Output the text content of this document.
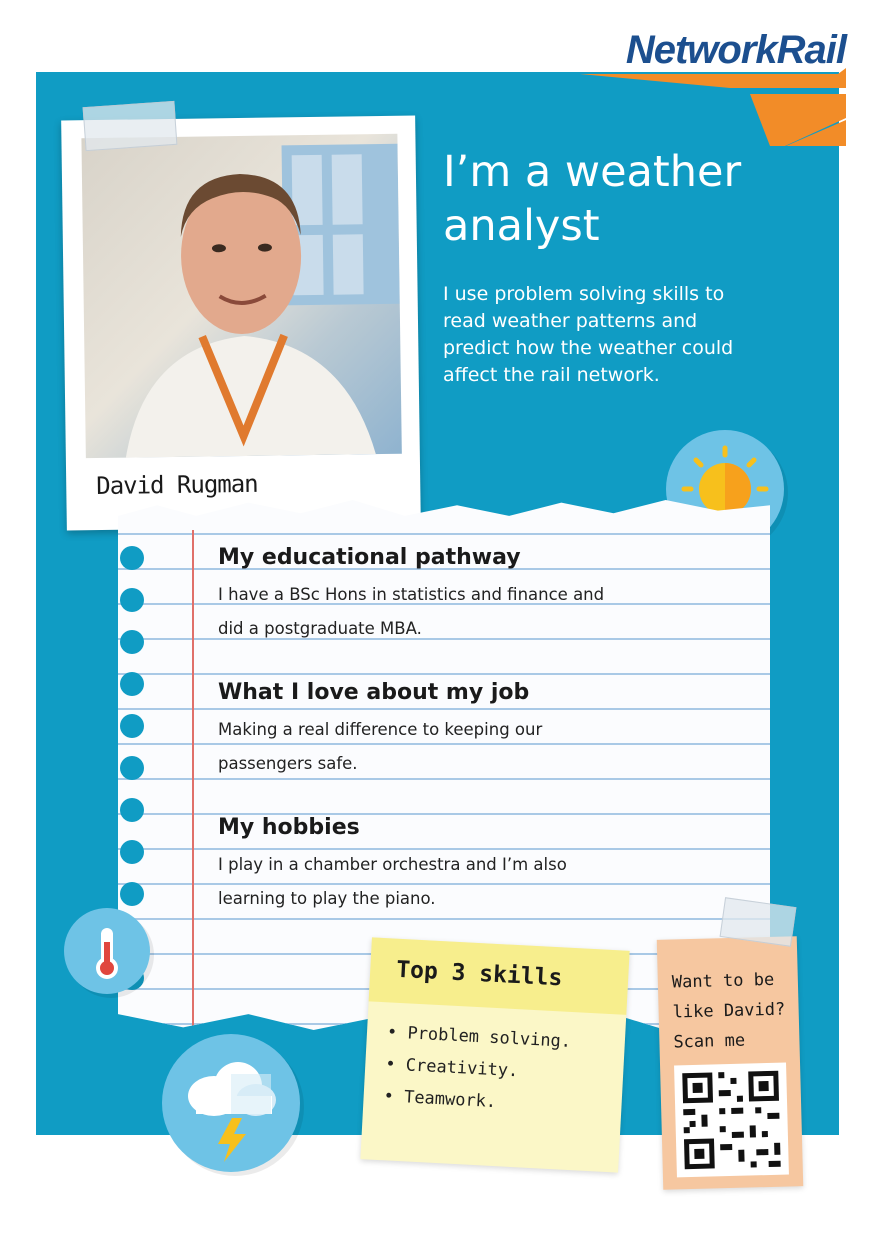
NetworkRail
David Rugman
I’m a weather
analyst
I use problem solving skills to
read weather patterns and
predict how the weather could
affect the rail network.
My educational pathway
I have a BSc Hons in statistics and finance and
did a postgraduate MBA.
What I love about my job
Making a real difference to keeping our
passengers safe.
My hobbies
I play in a chamber orchestra and I’m also
learning to play the piano.
Top 3 skills
• Problem solving.
• Creativity.
• Teamwork.
Want to be
like David?
Scan me
